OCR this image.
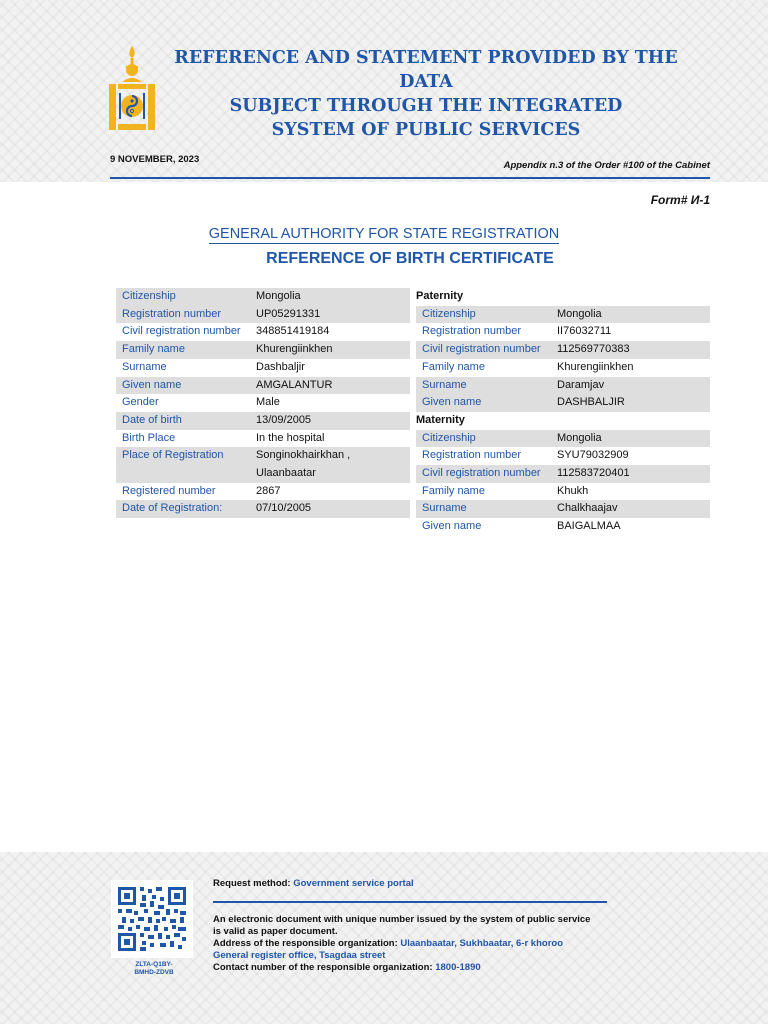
REFERENCE AND STATEMENT PROVIDED BY THE DATA
SUBJECT THROUGH THE INTEGRATED
SYSTEM OF PUBLIC SERVICES
9 NOVEMBER, 2023
Appendix n.3 of the Order #100 of the Cabinet
Form# И-1
GENERAL AUTHORITY FOR STATE REGISTRATION
REFERENCE OF BIRTH CERTIFICATE
Citizenship	Mongolia
Registration number	UP05291331
Civil registration number	348851419184
Family name	Khurengiinkhen
Surname	Dashbaljir
Given name	AMGALANTUR
Gender	Male
Date of birth	13/09/2005
Birth Place	In the hospital
Place of Registration	Songinokhairkhan ,
Ulaanbaatar
Registered number	2867
Date of Registration:	07/10/2005
Paternity
Citizenship	Mongolia
Registration number	II76032711
Civil registration number	112569770383
Family name	Khurengiinkhen
Surname	Daramjav
Given name	DASHBALJIR
Maternity
Citizenship	Mongolia
Registration number	SYU79032909
Civil registration number	112583720401
Family name	Khukh
Surname	Chalkhaajav
Given name	BAIGALMAA
ZLTA-Q1BY-
BMHD-ZDVB
Request method: Government service portal
An electronic document with unique number issued by the system of public service
is valid as paper document.
Address of the responsible organization: Ulaanbaatar, Sukhbaatar, 6-r khoroo
General register office, Tsagdaa street
Contact number of the responsible organization: 1800-1890
